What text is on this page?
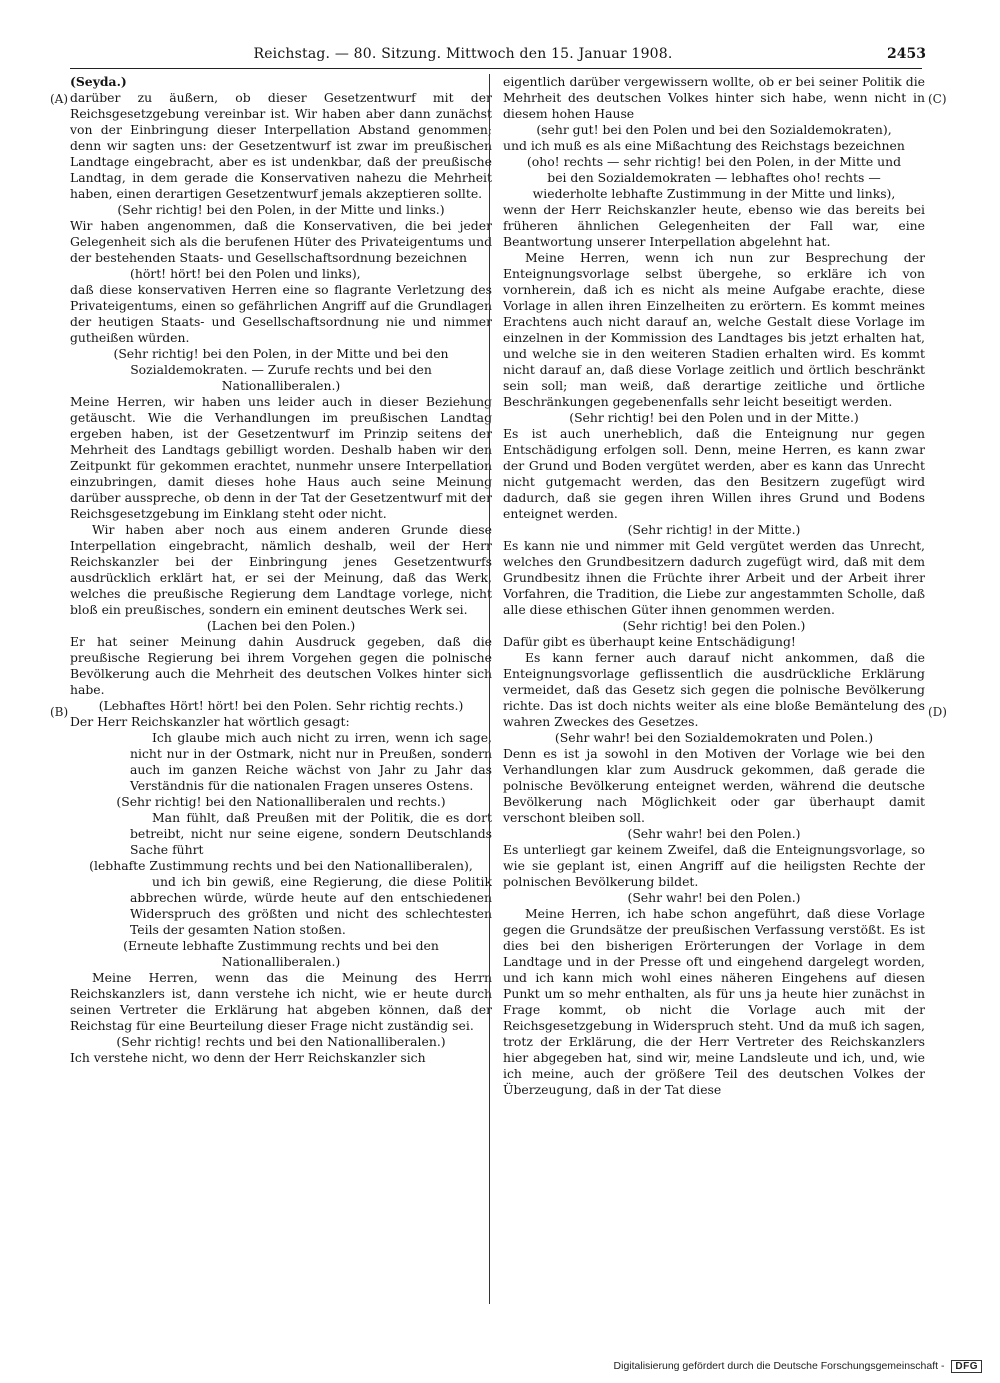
Reichstag. — 80. Sitzung. Mittwoch den 15. Januar 1908.	2453
(A)
(B)
(C)
(D)

(Seyda.)

darüber zu äußern, ob dieser Gesetzentwurf mit der Reichsgesetzgebung vereinbar ist. Wir haben aber dann zunächst von der Einbringung dieser Interpellation Abstand genommen; denn wir sagten uns: der Gesetzentwurf ist zwar im preußischen Landtage eingebracht, aber es ist undenkbar, daß der preußische Landtag, in dem gerade die Konservativen nahezu die Mehrheit haben, einen derartigen Gesetzentwurf jemals akzeptieren sollte.

(Sehr richtig! bei den Polen, in der Mitte und links.)

Wir haben angenommen, daß die Konservativen, die bei jeder Gelegenheit sich als die berufenen Hüter des Privateigentums und der bestehenden Staats- und Gesellschaftsordnung bezeichnen

(hört! hört! bei den Polen und links),

daß diese konservativen Herren eine so flagrante Verletzung des Privateigentums, einen so gefährlichen Angriff auf die Grundlagen der heutigen Staats- und Gesellschaftsordnung nie und nimmer gutheißen würden.

(Sehr richtig! bei den Polen, in der Mitte und bei den Sozialdemokraten. — Zurufe rechts und bei den Nationalliberalen.)

Meine Herren, wir haben uns leider auch in dieser Beziehung getäuscht. Wie die Verhandlungen im preußischen Landtag ergeben haben, ist der Gesetzentwurf im Prinzip seitens der Mehrheit des Landtags gebilligt worden. Deshalb haben wir den Zeitpunkt für gekommen erachtet, nunmehr unsere Interpellation einzubringen, damit dieses hohe Haus auch seine Meinung darüber ausspreche, ob denn in der Tat der Gesetzentwurf mit der Reichsgesetzgebung im Einklang steht oder nicht.

Wir haben aber noch aus einem anderen Grunde diese Interpellation eingebracht, nämlich deshalb, weil der Herr Reichskanzler bei der Einbringung jenes Gesetzentwurfs ausdrücklich erklärt hat, er sei der Meinung, daß das Werk, welches die preußische Regierung dem Landtage vorlege, nicht bloß ein preußisches, sondern ein eminent deutsches Werk sei.

(Lachen bei den Polen.)

Er hat seiner Meinung dahin Ausdruck gegeben, daß die preußische Regierung bei ihrem Vorgehen gegen die polnische Bevölkerung auch die Mehrheit des deutschen Volkes hinter sich habe.

(Lebhaftes Hört! hört! bei den Polen. Sehr richtig rechts.)

Der Herr Reichskanzler hat wörtlich gesagt:

Ich glaube mich auch nicht zu irren, wenn ich sage, nicht nur in der Ostmark, nicht nur in Preußen, sondern auch im ganzen Reiche wächst von Jahr zu Jahr das Verständnis für die nationalen Fragen unseres Ostens.

(Sehr richtig! bei den Nationalliberalen und rechts.)

Man fühlt, daß Preußen mit der Politik, die es dort betreibt, nicht nur seine eigene, sondern Deutschlands Sache führt

(lebhafte Zustimmung rechts und bei den Nationalliberalen),

und ich bin gewiß, eine Regierung, die diese Politik abbrechen würde, würde heute auf den entschiedenen Widerspruch des größten und nicht des schlechtesten Teils der gesamten Nation stoßen.

(Erneute lebhafte Zustimmung rechts und bei den Nationalliberalen.)

Meine Herren, wenn das die Meinung des Herrn Reichskanzlers ist, dann verstehe ich nicht, wie er heute durch seinen Vertreter die Erklärung hat abgeben können, daß der Reichstag für eine Beurteilung dieser Frage nicht zuständig sei.

(Sehr richtig! rechts und bei den Nationalliberalen.)

Ich verstehe nicht, wo denn der Herr Reichskanzler sich

eigentlich darüber vergewissern wollte, ob er bei seiner Politik die Mehrheit des deutschen Volkes hinter sich habe, wenn nicht in diesem hohen Hause

(sehr gut! bei den Polen und bei den Sozialdemokraten),

und ich muß es als eine Mißachtung des Reichstags bezeichnen

(oho! rechts — sehr richtig! bei den Polen, in der Mitte und bei den Sozialdemokraten — lebhaftes oho! rechts — wiederholte lebhafte Zustimmung in der Mitte und links),

wenn der Herr Reichskanzler heute, ebenso wie das bereits bei früheren ähnlichen Gelegenheiten der Fall war, eine Beantwortung unserer Interpellation abgelehnt hat.

Meine Herren, wenn ich nun zur Besprechung der Enteignungsvorlage selbst übergehe, so erkläre ich von vornherein, daß ich es nicht als meine Aufgabe erachte, diese Vorlage in allen ihren Einzelheiten zu erörtern. Es kommt meines Erachtens auch nicht darauf an, welche Gestalt diese Vorlage im einzelnen in der Kommission des Landtages bis jetzt erhalten hat, und welche sie in den weiteren Stadien erhalten wird. Es kommt nicht darauf an, daß diese Vorlage zeitlich und örtlich beschränkt sein soll; man weiß, daß derartige zeitliche und örtliche Beschränkungen gegebenenfalls sehr leicht beseitigt werden.

(Sehr richtig! bei den Polen und in der Mitte.)

Es ist auch unerheblich, daß die Enteignung nur gegen Entschädigung erfolgen soll. Denn, meine Herren, es kann zwar der Grund und Boden vergütet werden, aber es kann das Unrecht nicht gutgemacht werden, das den Besitzern zugefügt wird dadurch, daß sie gegen ihren Willen ihres Grund und Bodens enteignet werden.

(Sehr richtig! in der Mitte.)

Es kann nie und nimmer mit Geld vergütet werden das Unrecht, welches den Grundbesitzern dadurch zugefügt wird, daß mit dem Grundbesitz ihnen die Früchte ihrer Arbeit und der Arbeit ihrer Vorfahren, die Tradition, die Liebe zur angestammten Scholle, daß alle diese ethischen Güter ihnen genommen werden.

(Sehr richtig! bei den Polen.)

Dafür gibt es überhaupt keine Entschädigung!

Es kann ferner auch darauf nicht ankommen, daß die Enteignungsvorlage geflissentlich die ausdrückliche Erklärung vermeidet, daß das Gesetz sich gegen die polnische Bevölkerung richte. Das ist doch nichts weiter als eine bloße Bemäntelung des wahren Zweckes des Gesetzes.

(Sehr wahr! bei den Sozialdemokraten und Polen.)

Denn es ist ja sowohl in den Motiven der Vorlage wie bei den Verhandlungen klar zum Ausdruck gekommen, daß gerade die polnische Bevölkerung enteignet werden, während die deutsche Bevölkerung nach Möglichkeit oder gar überhaupt damit verschont bleiben soll.

(Sehr wahr! bei den Polen.)

Es unterliegt gar keinem Zweifel, daß die Enteignungsvorlage, so wie sie geplant ist, einen Angriff auf die heiligsten Rechte der polnischen Bevölkerung bildet.

(Sehr wahr! bei den Polen.)

Meine Herren, ich habe schon angeführt, daß diese Vorlage gegen die Grundsätze der preußischen Verfassung verstößt. Es ist dies bei den bisherigen Erörterungen der Vorlage in dem Landtage und in der Presse oft und eingehend dargelegt worden, und ich kann mich wohl eines näheren Eingehens auf diesen Punkt um so mehr enthalten, als für uns ja heute hier zunächst in Frage kommt, ob nicht die Vorlage auch mit der Reichsgesetzgebung in Widerspruch steht. Und da muß ich sagen, trotz der Erklärung, die der Herr Vertreter des Reichskanzlers hier abgegeben hat, sind wir, meine Landsleute und ich, und, wie ich meine, auch der größere Teil des deutschen Volkes der Überzeugung, daß in der Tat diese

Digitalisierung gefördert durch die Deutsche Forschungsgemeinschaft - DFG
